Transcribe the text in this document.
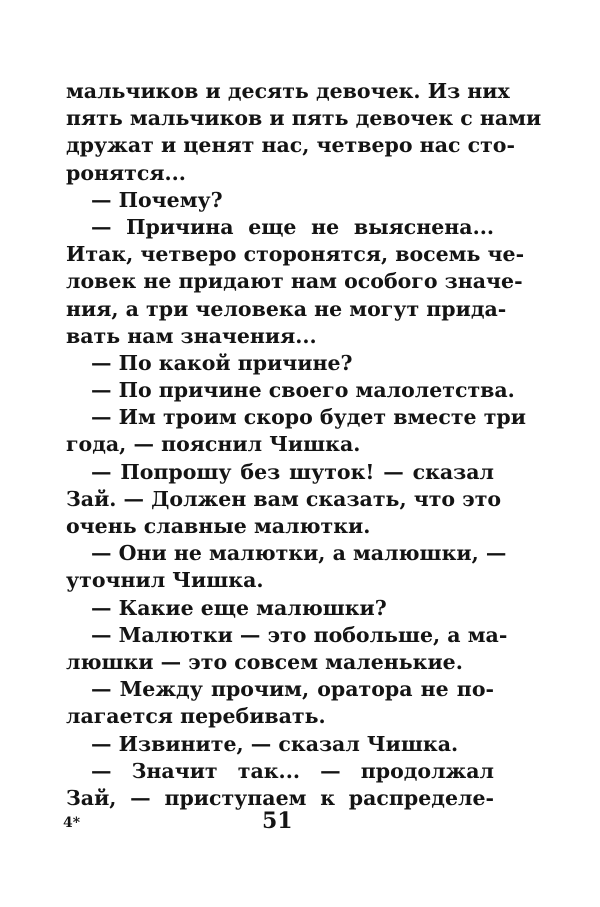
мальчиков и десять девочек. Из них
пять мальчиков и пять девочек с нами
дружат и ценят нас, четверо нас сто-
ронятся...
— Почему?
— Причина еще не выяснена...
Итак, четверо сторонятся, восемь че-
ловек не придают нам особого значе-
ния, а три человека не могут прида-
вать нам значения...
— По какой причине?
— По причине своего малолетства.
— Им троим скоро будет вместе три
года, — пояснил Чишка.
— Попрошу без шуток! — сказал
Зай. — Должен вам сказать, что это
очень славные малютки.
— Они не малютки, а малюшки, —
уточнил Чишка.
— Какие еще малюшки?
— Малютки — это побольше, а ма-
люшки — это совсем маленькие.
— Между прочим, оратора не по-
лагается перебивать.
— Извините, — сказал Чишка.
— Значит так... — продолжал
Зай, — приступаем к распределе-
4*	51
